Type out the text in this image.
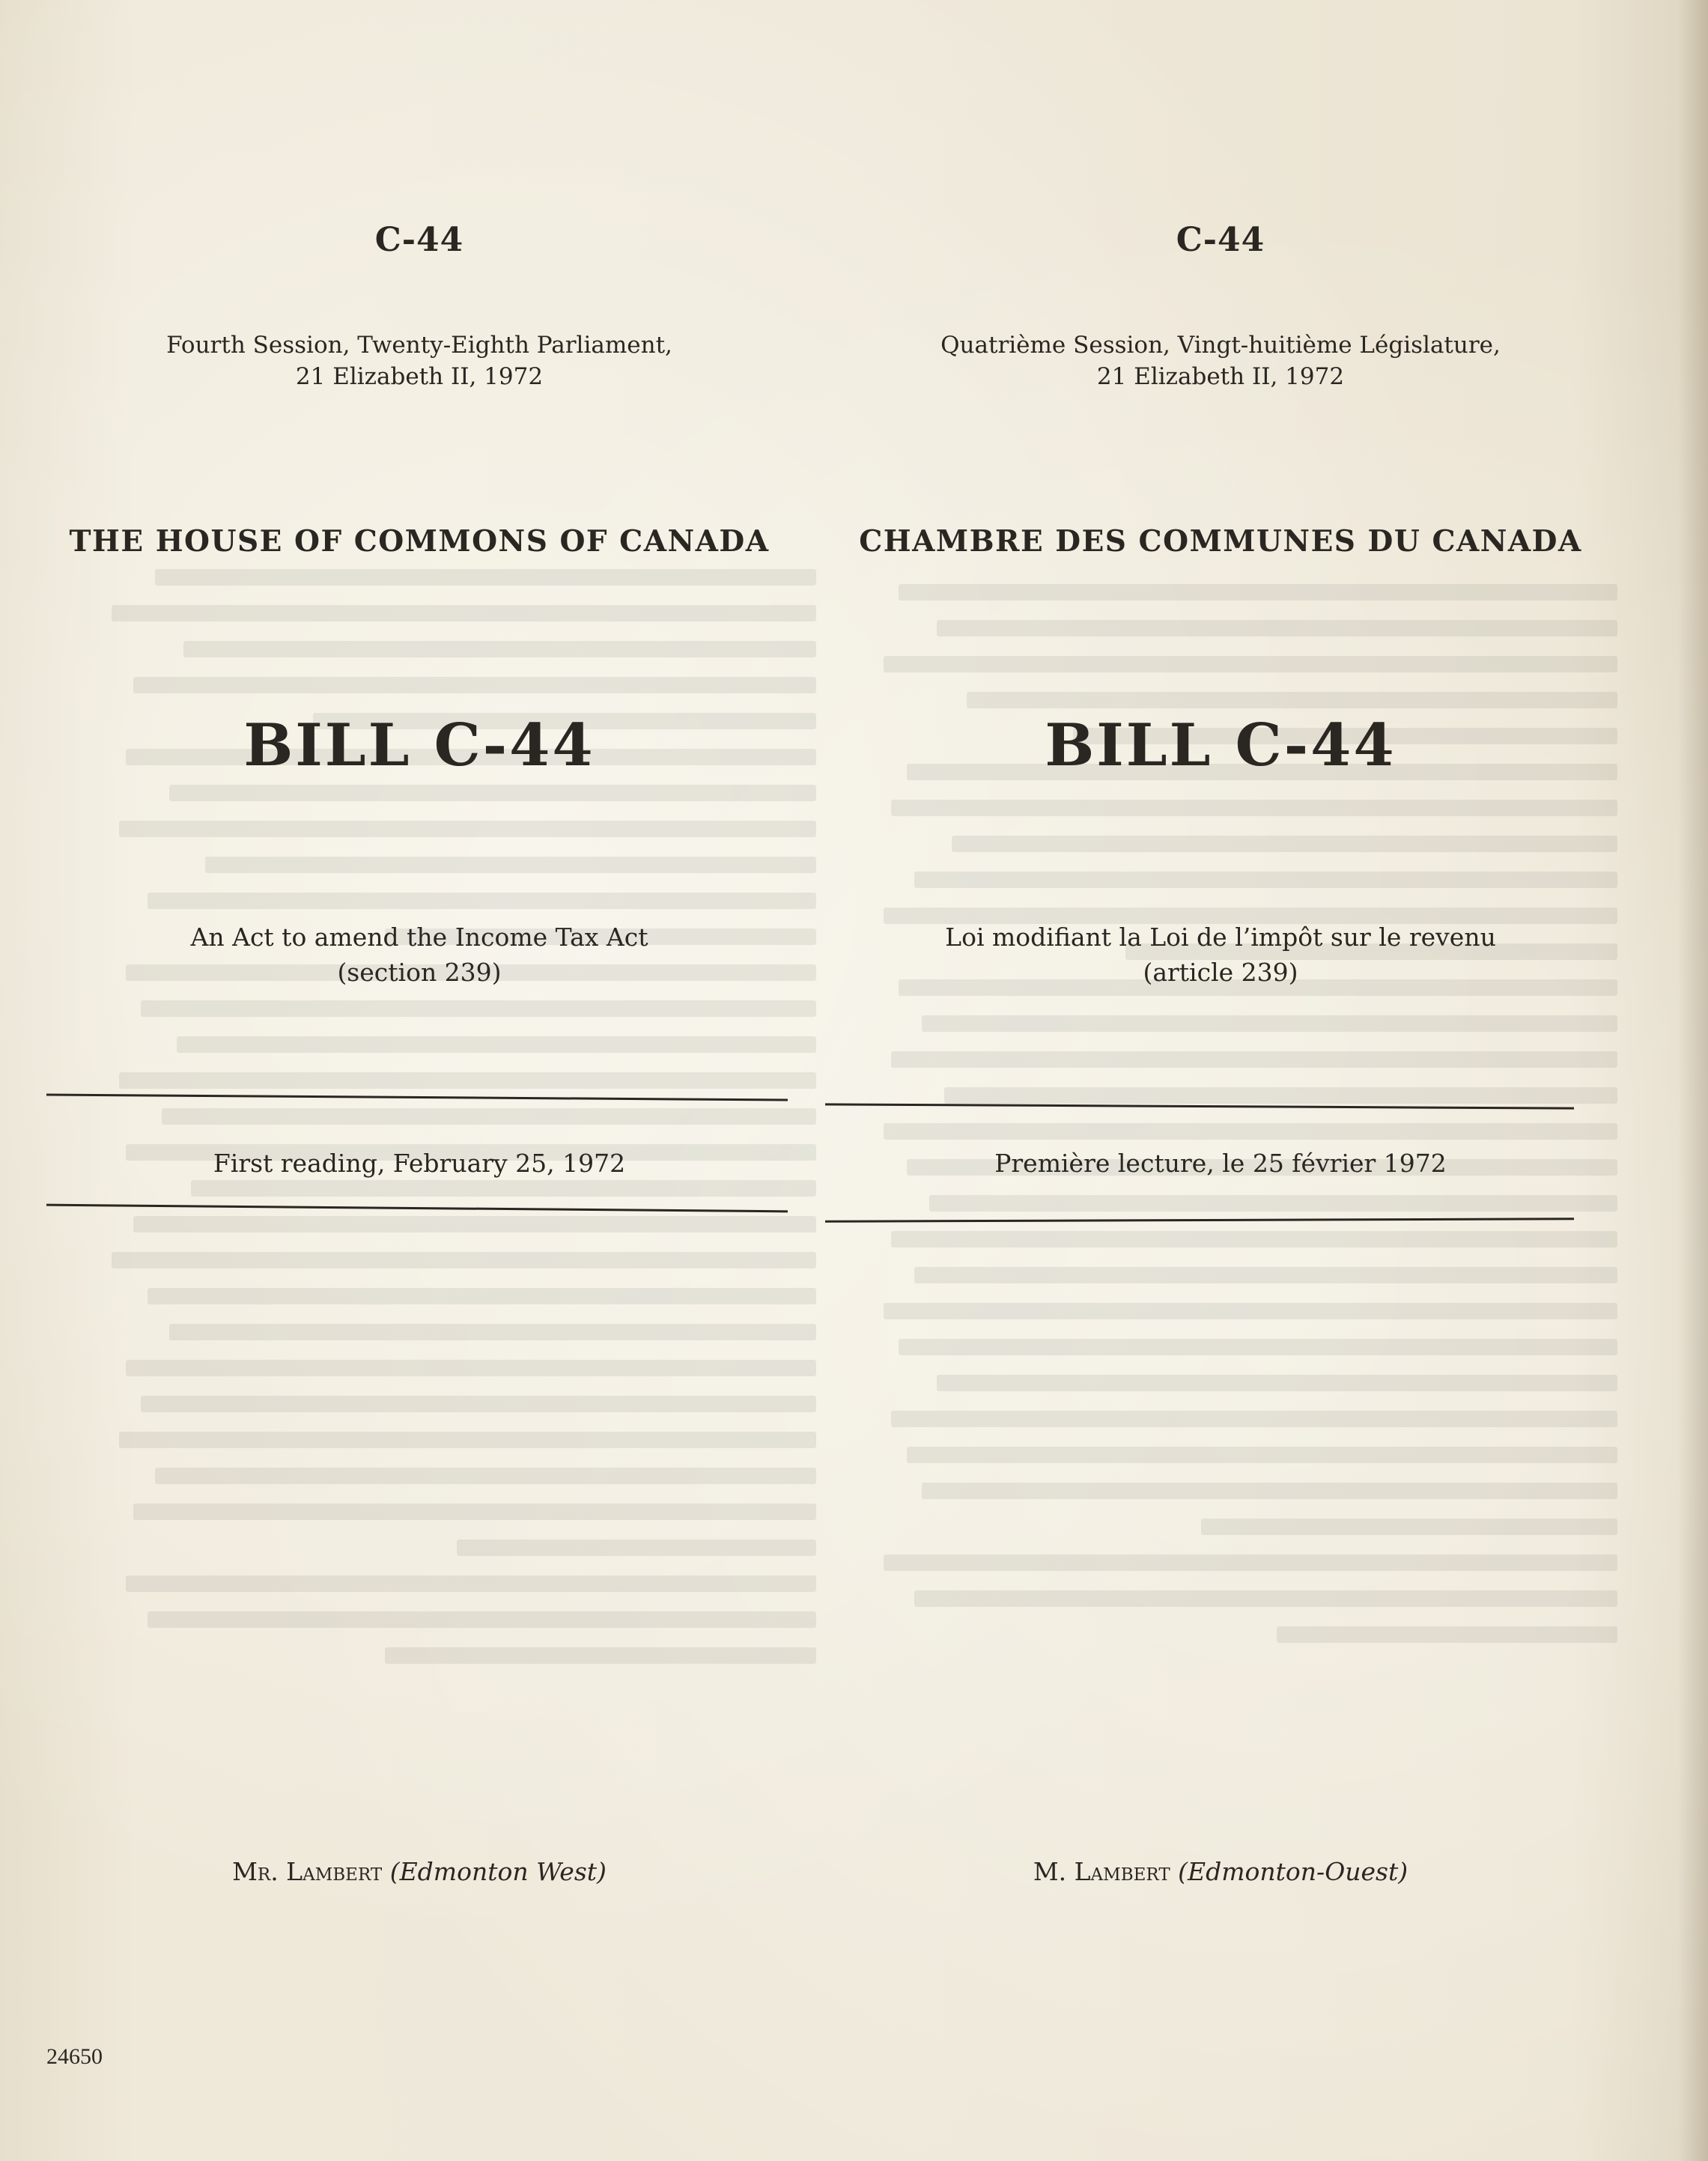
C-44
Fourth Session, Twenty-Eighth Parliament,
21 Elizabeth II, 1972
THE HOUSE OF COMMONS OF CANADA
BILL C-44
An Act to amend the Income Tax Act
(section 239)
First reading, February 25, 1972
Mr. Lambert (Edmonton West)
C-44
Quatrième Session, Vingt-huitième Législature,
21 Elizabeth II, 1972
CHAMBRE DES COMMUNES DU CANADA
BILL C-44
Loi modifiant la Loi de l’impôt sur le revenu
(article 239)
Première lecture, le 25 février 1972
M. Lambert (Edmonton-Ouest)
24650
